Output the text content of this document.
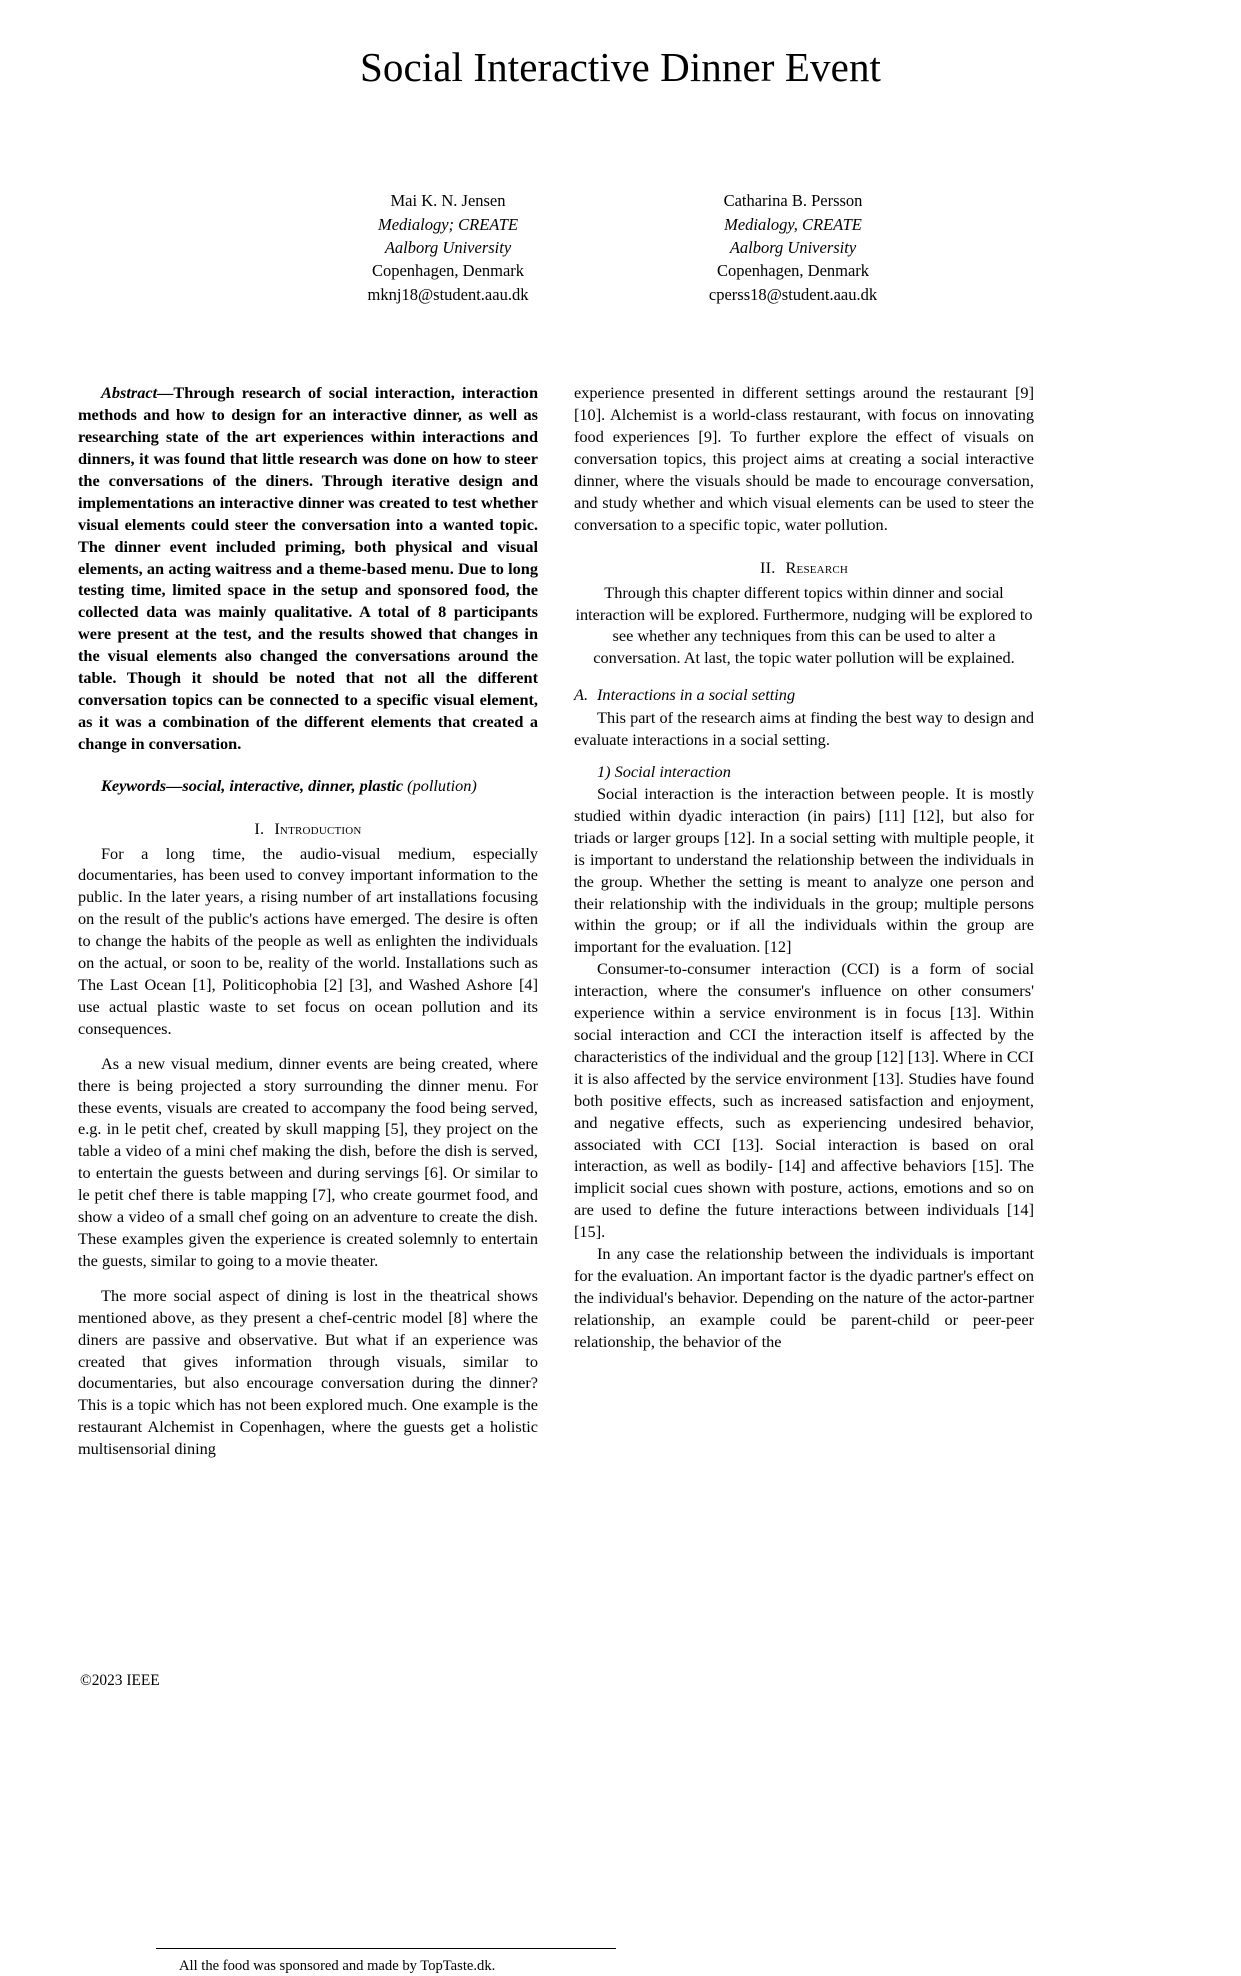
Social Interactive Dinner Event
Mai K. N. Jensen
Medialogy; CREATE
Aalborg University
Copenhagen, Denmark
mknj18@student.aau.dk
Catharina B. Persson
Medialogy, CREATE
Aalborg University
Copenhagen, Denmark
cperss18@student.aau.dk

Abstract—Through research of social interaction, interaction methods and how to design for an interactive dinner, as well as researching state of the art experiences within interactions and dinners, it was found that little research was done on how to steer the conversations of the diners. Through iterative design and implementations an interactive dinner was created to test whether visual elements could steer the conversation into a wanted topic. The dinner event included priming, both physical and visual elements, an acting waitress and a theme-based menu. Due to long testing time, limited space in the setup and sponsored food, the collected data was mainly qualitative. A total of 8 participants were present at the test, and the results showed that changes in the visual elements also changed the conversations around the table. Though it should be noted that not all the different conversation topics can be connected to a specific visual element, as it was a combination of the different elements that created a change in conversation.

Keywords—social, interactive, dinner, plastic (pollution)

I. Introduction

For a long time, the audio-visual medium, especially documentaries, has been used to convey important information to the public. In the later years, a rising number of art installations focusing on the result of the public's actions have emerged. The desire is often to change the habits of the people as well as enlighten the individuals on the actual, or soon to be, reality of the world. Installations such as The Last Ocean [1], Politicophobia [2] [3], and Washed Ashore [4] use actual plastic waste to set focus on ocean pollution and its consequences.

As a new visual medium, dinner events are being created, where there is being projected a story surrounding the dinner menu. For these events, visuals are created to accompany the food being served, e.g. in le petit chef, created by skull mapping [5], they project on the table a video of a mini chef making the dish, before the dish is served, to entertain the guests between and during servings [6]. Or similar to le petit chef there is table mapping [7], who create gourmet food, and show a video of a small chef going on an adventure to create the dish. These examples given the experience is created solemnly to entertain the guests, similar to going to a movie theater.

The more social aspect of dining is lost in the theatrical shows mentioned above, as they present a chef-centric model [8] where the diners are passive and observative. But what if an experience was created that gives information through visuals, similar to documentaries, but also encourage conversation during the dinner? This is a topic which has not been explored much. One example is the restaurant Alchemist in Copenhagen, where the guests get a holistic multisensorial dining

All the food was sponsored and made by TopTaste.dk.

experience presented in different settings around the restaurant [9] [10]. Alchemist is a world-class restaurant, with focus on innovating food experiences [9]. To further explore the effect of visuals on conversation topics, this project aims at creating a social interactive dinner, where the visuals should be made to encourage conversation, and study whether and which visual elements can be used to steer the conversation to a specific topic, water pollution.

II. Research

Through this chapter different topics within dinner and social interaction will be explored. Furthermore, nudging will be explored to see whether any techniques from this can be used to alter a conversation. At last, the topic water pollution will be explained.

A. Interactions in a social setting

This part of the research aims at finding the best way to design and evaluate interactions in a social setting.

1) Social interaction

Social interaction is the interaction between people. It is mostly studied within dyadic interaction (in pairs) [11] [12], but also for triads or larger groups [12]. In a social setting with multiple people, it is important to understand the relationship between the individuals in the group. Whether the setting is meant to analyze one person and their relationship with the individuals in the group; multiple persons within the group; or if all the individuals within the group are important for the evaluation. [12]

Consumer-to-consumer interaction (CCI) is a form of social interaction, where the consumer's influence on other consumers' experience within a service environment is in focus [13]. Within social interaction and CCI the interaction itself is affected by the characteristics of the individual and the group [12] [13]. Where in CCI it is also affected by the service environment [13]. Studies have found both positive effects, such as increased satisfaction and enjoyment, and negative effects, such as experiencing undesired behavior, associated with CCI [13]. Social interaction is based on oral interaction, as well as bodily- [14] and affective behaviors [15]. The implicit social cues shown with posture, actions, emotions and so on are used to define the future interactions between individuals [14] [15].

In any case the relationship between the individuals is important for the evaluation. An important factor is the dyadic partner's effect on the individual's behavior. Depending on the nature of the actor-partner relationship, an example could be parent-child or peer-peer relationship, the behavior of the

©2023 IEEE
